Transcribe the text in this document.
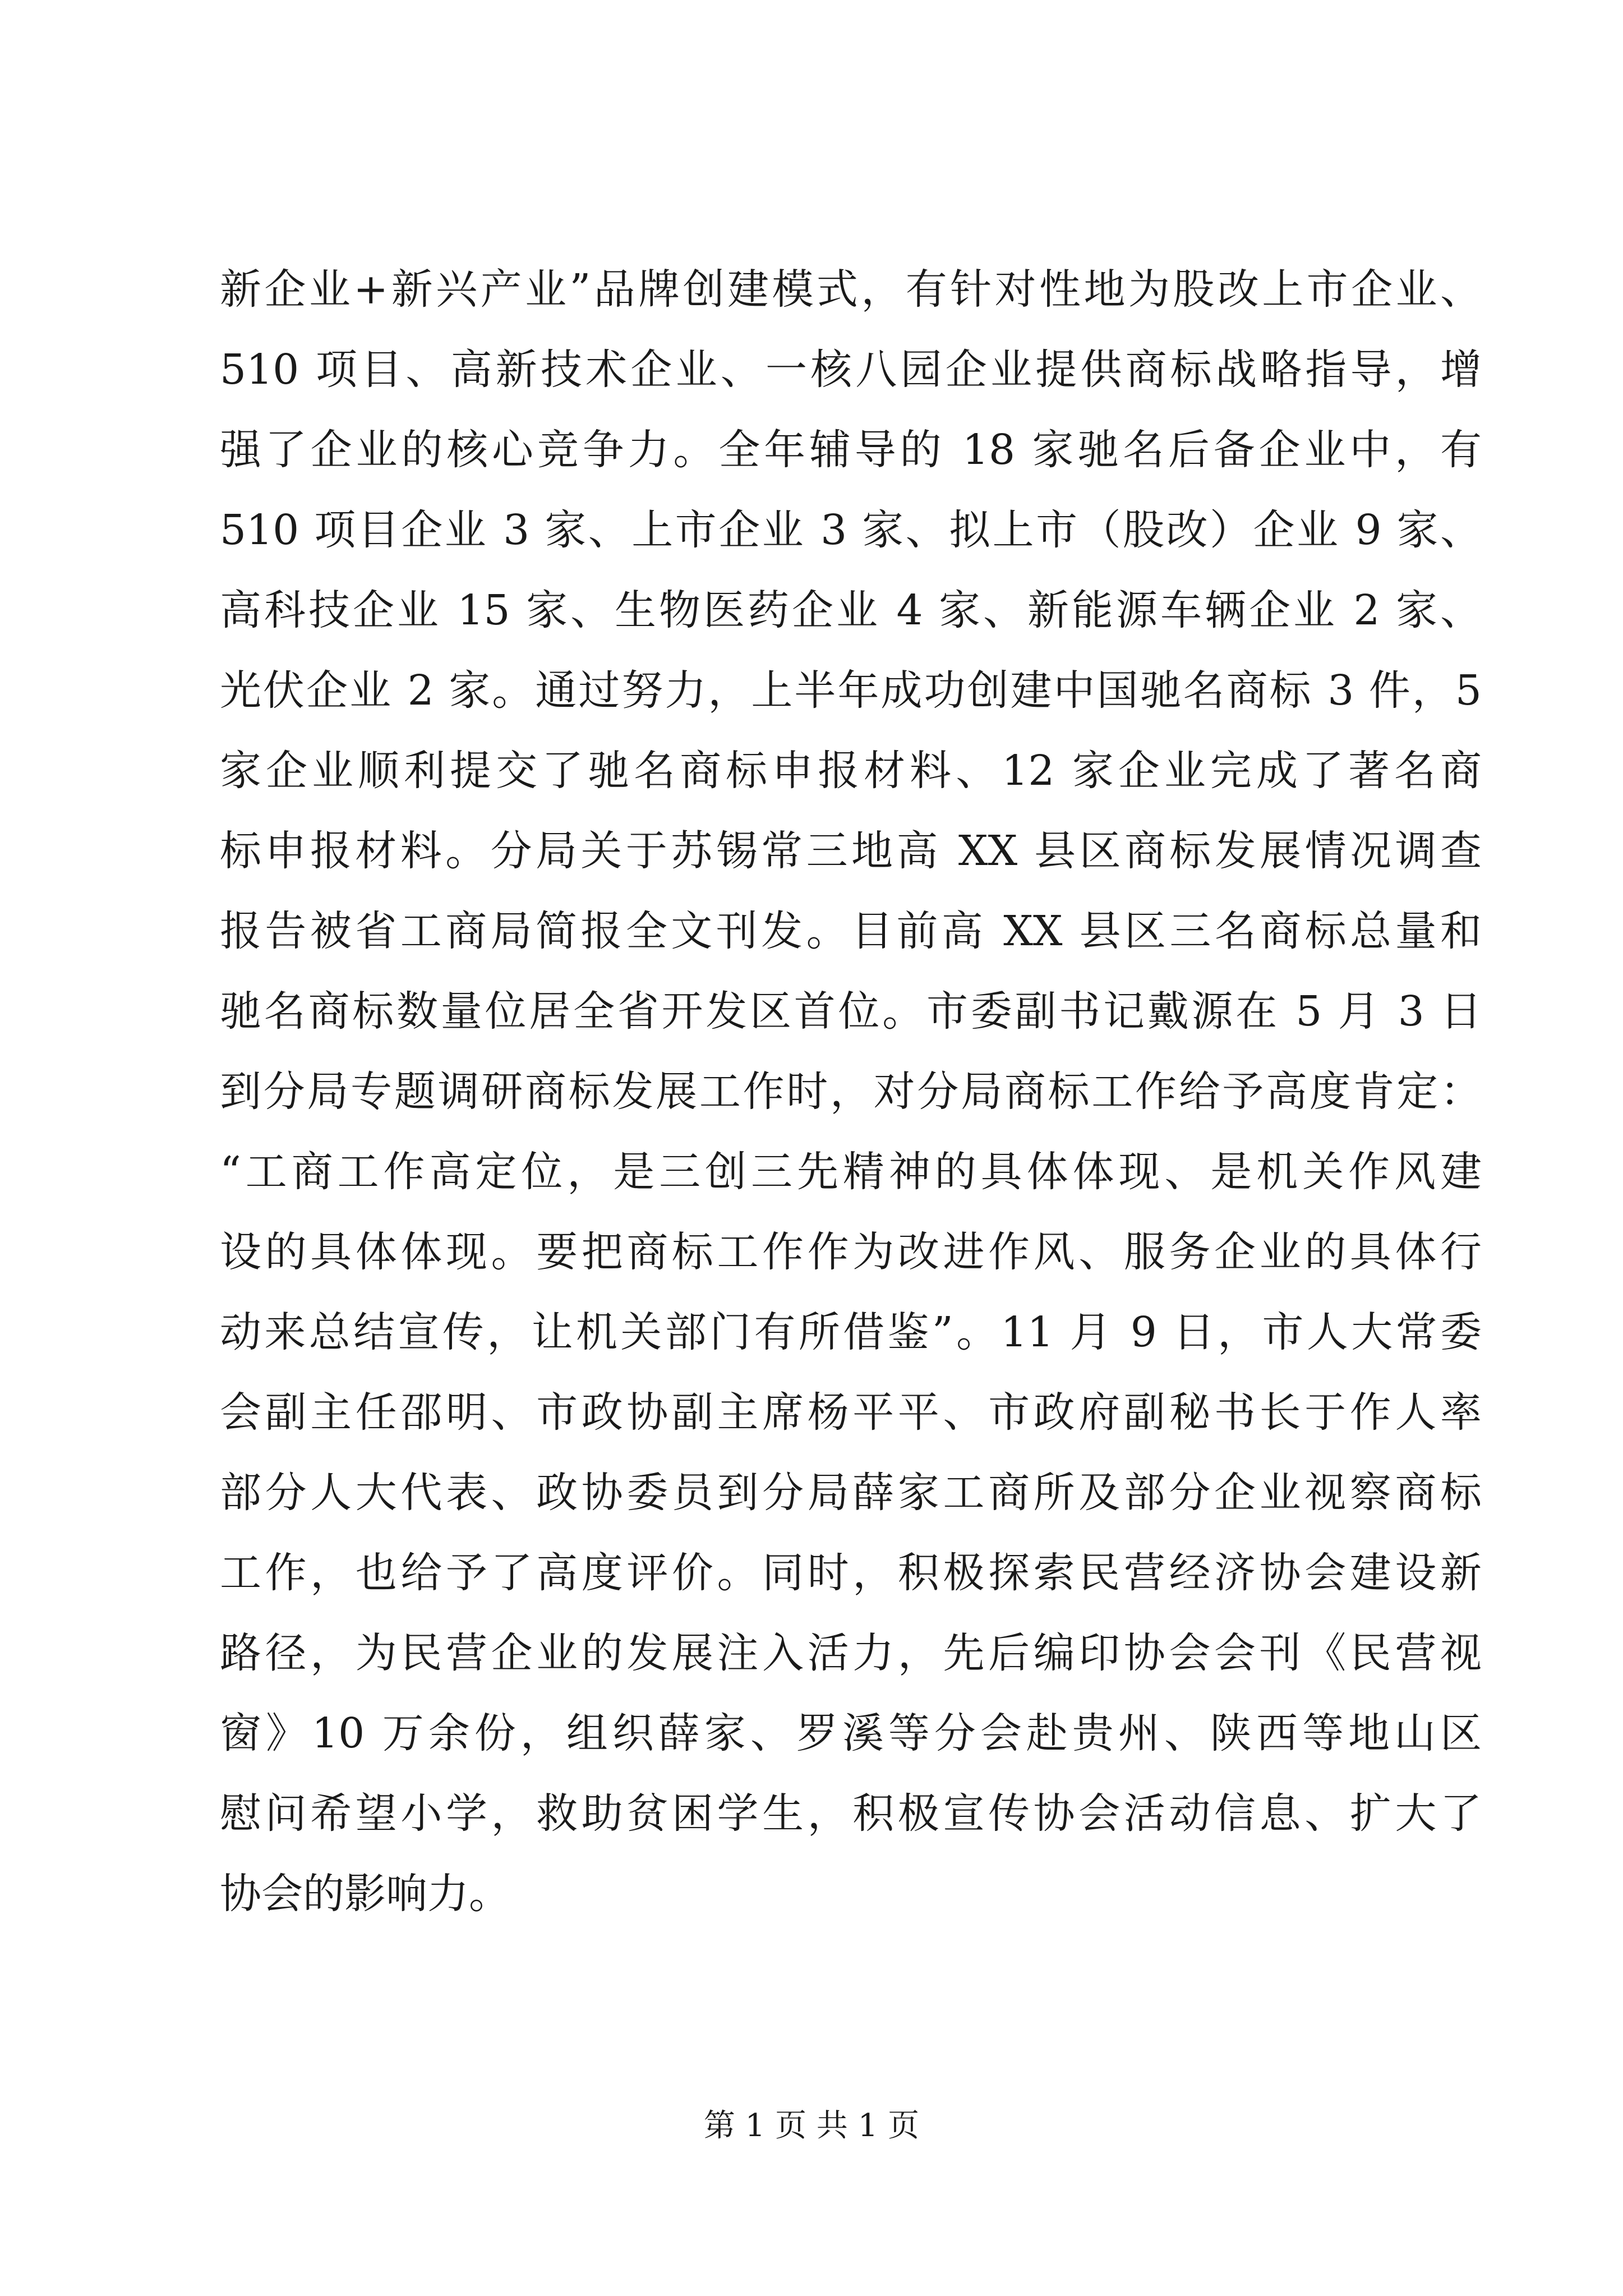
新企业+新兴产业”品牌创建模式，有针对性地为股改上市企业、
510 项目、高新技术企业、一核八园企业提供商标战略指导，增
强了企业的核心竞争力。全年辅导的 18 家驰名后备企业中，有
510 项目企业 3 家、上市企业 3 家、拟上市（股改）企业 9 家、
高科技企业 15 家、生物医药企业 4 家、新能源车辆企业 2 家、
光伏企业 2 家。通过努力，上半年成功创建中国驰名商标 3 件，5
家企业顺利提交了驰名商标申报材料、12 家企业完成了著名商
标申报材料。分局关于苏锡常三地高 XX 县区商标发展情况调查
报告被省工商局简报全文刊发。目前高 XX 县区三名商标总量和
驰名商标数量位居全省开发区首位。市委副书记戴源在 5 月 3 日
到分局专题调研商标发展工作时，对分局商标工作给予高度肯定：
“工商工作高定位，是三创三先精神的具体体现、是机关作风建
设的具体体现。要把商标工作作为改进作风、服务企业的具体行
动来总结宣传，让机关部门有所借鉴”。11 月 9 日，市人大常委
会副主任邵明、市政协副主席杨平平、市政府副秘书长于作人率
部分人大代表、政协委员到分局薛家工商所及部分企业视察商标
工作，也给予了高度评价。同时，积极探索民营经济协会建设新
路径，为民营企业的发展注入活力，先后编印协会会刊《民营视
窗》10 万余份，组织薛家、罗溪等分会赴贵州、陕西等地山区
慰问希望小学，救助贫困学生，积极宣传协会活动信息、扩大了
协会的影响力。
第 1 页 共 1 页
